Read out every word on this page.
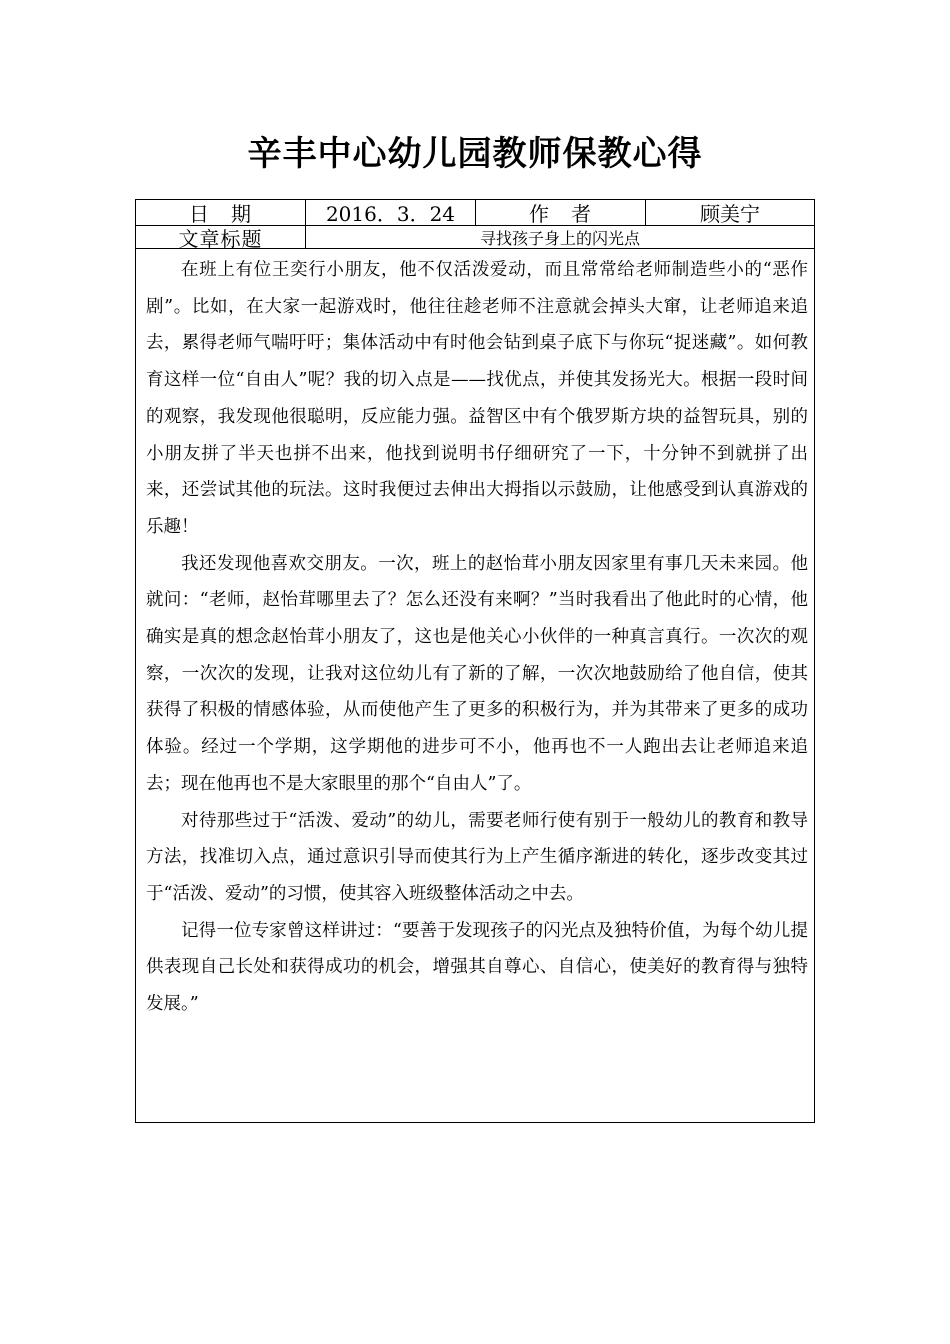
辛丰中心幼儿园教师保教心得
日　期	2016．3．24	作　者	顾美宁
文章标题	寻找孩子身上的闪光点

在班上有位王奕行小朋友，他不仅活泼爱动，而且常常给老师制造些小的“恶作剧”。比如，在大家一起游戏时，他往往趁老师不注意就会掉头大窜，让老师追来追去，累得老师气喘吁吁；集体活动中有时他会钻到桌子底下与你玩“捉迷藏”。如何教育这样一位“自由人”呢？我的切入点是——找优点，并使其发扬光大。根据一段时间的观察，我发现他很聪明，反应能力强。益智区中有个俄罗斯方块的益智玩具，别的小朋友拼了半天也拼不出来，他找到说明书仔细研究了一下，十分钟不到就拼了出来，还尝试其他的玩法。这时我便过去伸出大拇指以示鼓励，让他感受到认真游戏的乐趣！

我还发现他喜欢交朋友。一次，班上的赵怡茸小朋友因家里有事几天未来园。他就问：“老师，赵怡茸哪里去了？怎么还没有来啊？”当时我看出了他此时的心情，他确实是真的想念赵怡茸小朋友了，这也是他关心小伙伴的一种真言真行。一次次的观察，一次次的发现，让我对这位幼儿有了新的了解，一次次地鼓励给了他自信，使其获得了积极的情感体验，从而使他产生了更多的积极行为，并为其带来了更多的成功体验。经过一个学期，这学期他的进步可不小，他再也不一人跑出去让老师追来追去；现在他再也不是大家眼里的那个“自由人”了。

对待那些过于“活泼、爱动”的幼儿，需要老师行使有别于一般幼儿的教育和教导方法，找准切入点，通过意识引导而使其行为上产生循序渐进的转化，逐步改变其过于“活泼、爱动”的习惯，使其容入班级整体活动之中去。

记得一位专家曾这样讲过：“要善于发现孩子的闪光点及独特价值，为每个幼儿提供表现自己长处和获得成功的机会，增强其自尊心、自信心，使美好的教育得与独特发展。”
